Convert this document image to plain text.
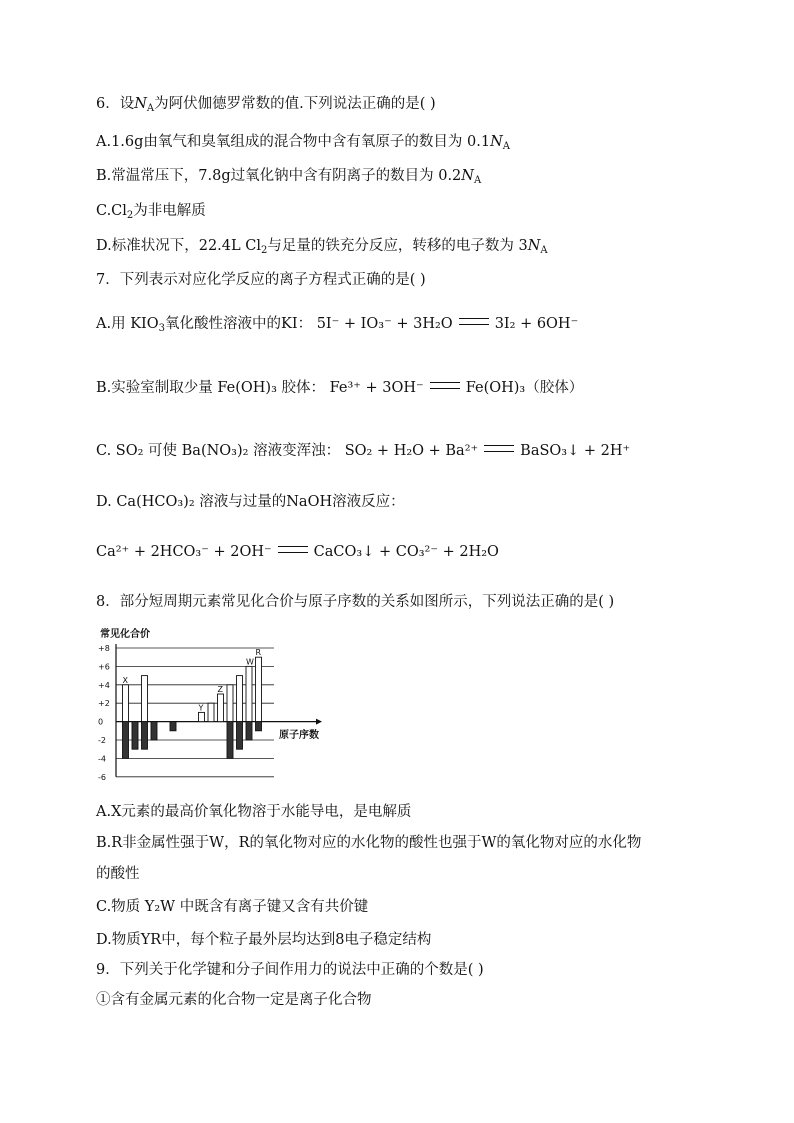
6．设$N_A$为阿伏伽德罗常数的值.下列说法正确的是( )
A.1.6g由氧气和臭氧组成的混合物中含有氧原子的数目为 $0.1N_A$
B.常温常压下，7.8g过氧化钠中含有阴离子的数目为 $0.2N_A$
$C.Cl_2$为非电解质
D.标准状况下，22.4L $Cl_2$与足量的铁充分反应，转移的电子数为 $3N_A$
7．下列表示对应化学反应的离子方程式正确的是( )
A.用 $KIO_3$氧化酸性溶液中的KI： 5I⁻ + IO₃⁻ + 3H₂O	3I₂ + 6OH⁻
B.实验室制取少量 Fe(OH)₃ 胶体： Fe³⁺ + 3OH⁻	Fe(OH)₃（胶体）
C. SO₂ 可使 Ba(NO₃)₂ 溶液变浑浊： SO₂ + H₂O + Ba²⁺	BaSO₃↓ + 2H⁺
D. Ca(HCO₃)₂ 溶液与过量的NaOH溶液反应：
Ca²⁺ + 2HCO₃⁻ + 2OH⁻	CaCO₃↓ + CO₃²⁻ + 2H₂O
8．部分短周期元素常见化合价与原子序数的关系如图所示，下列说法正确的是( )
常见化合价
+8
+6
+4
+2
0
-2
-4
-6
X
Y
Z
W
R
原子序数
A.X元素的最高价氧化物溶于水能导电，是电解质
B.R非金属性强于W，R的氧化物对应的水化物的酸性也强于W的氧化物对应的水化物
的酸性
C.物质 Y₂W 中既含有离子键又含有共价键
D.物质YR中，每个粒子最外层均达到8电子稳定结构
9．下列关于化学键和分子间作用力的说法中正确的个数是( )
①含有金属元素的化合物一定是离子化合物
